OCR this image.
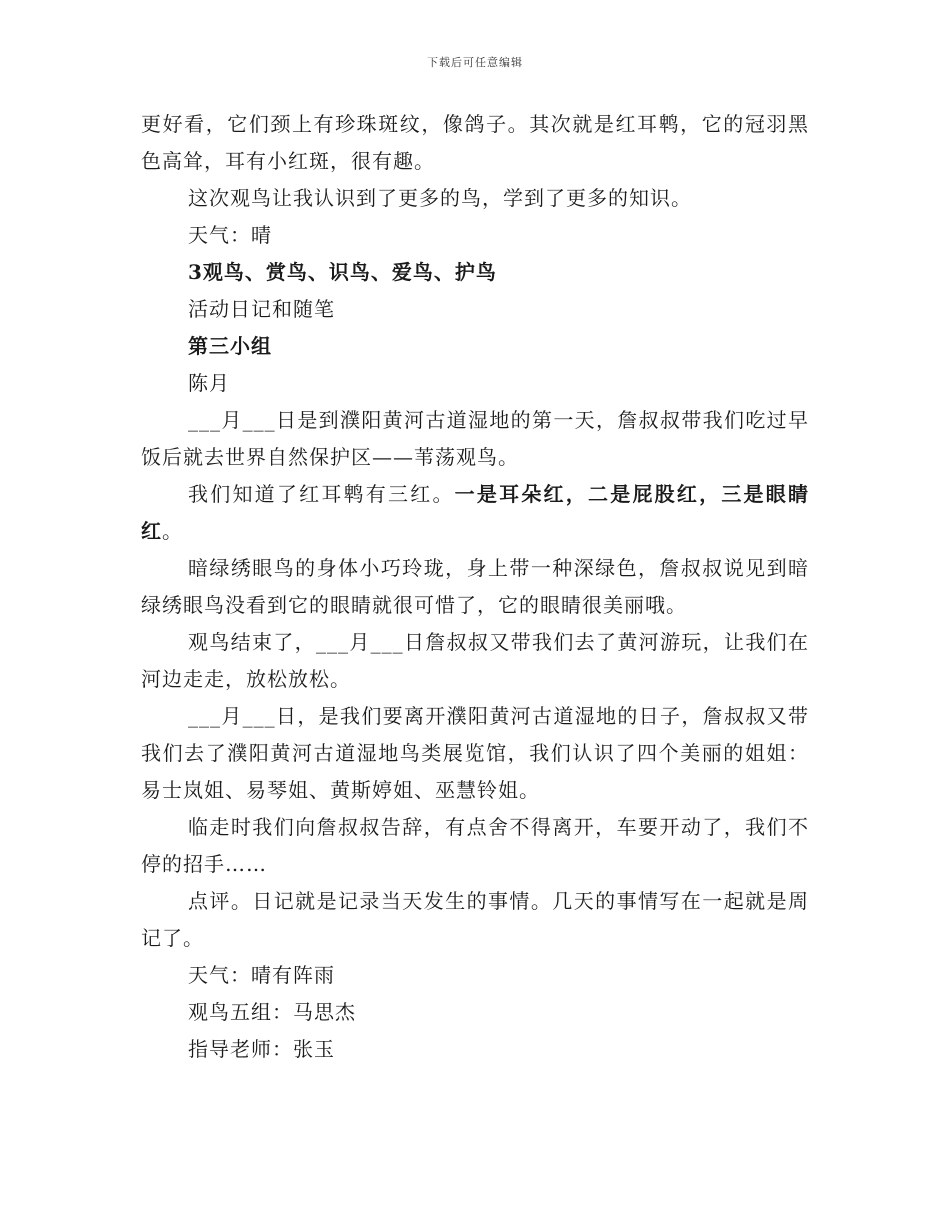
下载后可任意编辑

更好看，它们颈上有珍珠斑纹，像鸽子。其次就是红耳鹎，它的冠羽黑色高耸，耳有小红斑，很有趣。

这次观鸟让我认识到了更多的鸟，学到了更多的知识。

天气：晴

3观鸟、赏鸟、识鸟、爱鸟、护鸟

活动日记和随笔

第三小组

陈月

___月___日是到濮阳黄河古道湿地的第一天，詹叔叔带我们吃过早饭后就去世界自然保护区——苇荡观鸟。

我们知道了红耳鹎有三红。一是耳朵红，二是屁股红，三是眼睛红。

暗绿绣眼鸟的身体小巧玲珑，身上带一种深绿色，詹叔叔说见到暗绿绣眼鸟没看到它的眼睛就很可惜了，它的眼睛很美丽哦。

观鸟结束了，___月___日詹叔叔又带我们去了黄河游玩，让我们在河边走走，放松放松。

___月___日，是我们要离开濮阳黄河古道湿地的日子，詹叔叔又带我们去了濮阳黄河古道湿地鸟类展览馆，我们认识了四个美丽的姐姐：易士岚姐、易琴姐、黄斯婷姐、巫慧铃姐。

临走时我们向詹叔叔告辞，有点舍不得离开，车要开动了，我们不停的招手……

点评。日记就是记录当天发生的事情。几天的事情写在一起就是周记了。

天气：晴有阵雨

观鸟五组：马思杰

指导老师：张玉
